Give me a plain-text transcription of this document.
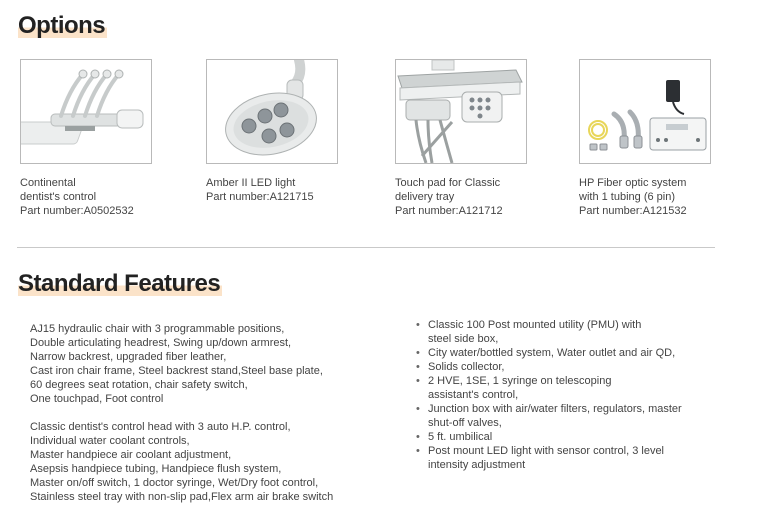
Options
Continental
dentist's control
Part number:A0502532
Amber II LED light
Part number:A121715
Touch pad for Classic
delivery tray
Part number:A121712
HP Fiber optic system
with 1 tubing (6 pin)
Part number:A121532
Standard Features
AJ15 hydraulic chair with 3 programmable positions,
Double articulating headrest, Swing up/down armrest,
Narrow backrest, upgraded fiber leather,
Cast iron chair frame, Steel backrest stand,Steel base plate,
60 degrees seat rotation, chair safety switch,
One touchpad, Foot control
Classic dentist's control head with 3 auto H.P. control,
Individual water coolant controls,
Master handpiece air coolant adjustment,
Asepsis handpiece tubing, Handpiece flush system,
Master on/off switch, 1 doctor syringe, Wet/Dry foot control,
Stainless steel tray with non-slip pad,Flex arm air brake switch
• Classic 100 Post mounted utility (PMU) with
steel side box,
• City water/bottled system, Water outlet and air QD,
• Solids collector,
• 2 HVE, 1SE, 1 syringe on telescoping
assistant's control,
• Junction box with air/water filters, regulators, master
shut-off valves,
• 5 ft. umbilical
• Post mount LED light with sensor control, 3 level
intensity adjustment
